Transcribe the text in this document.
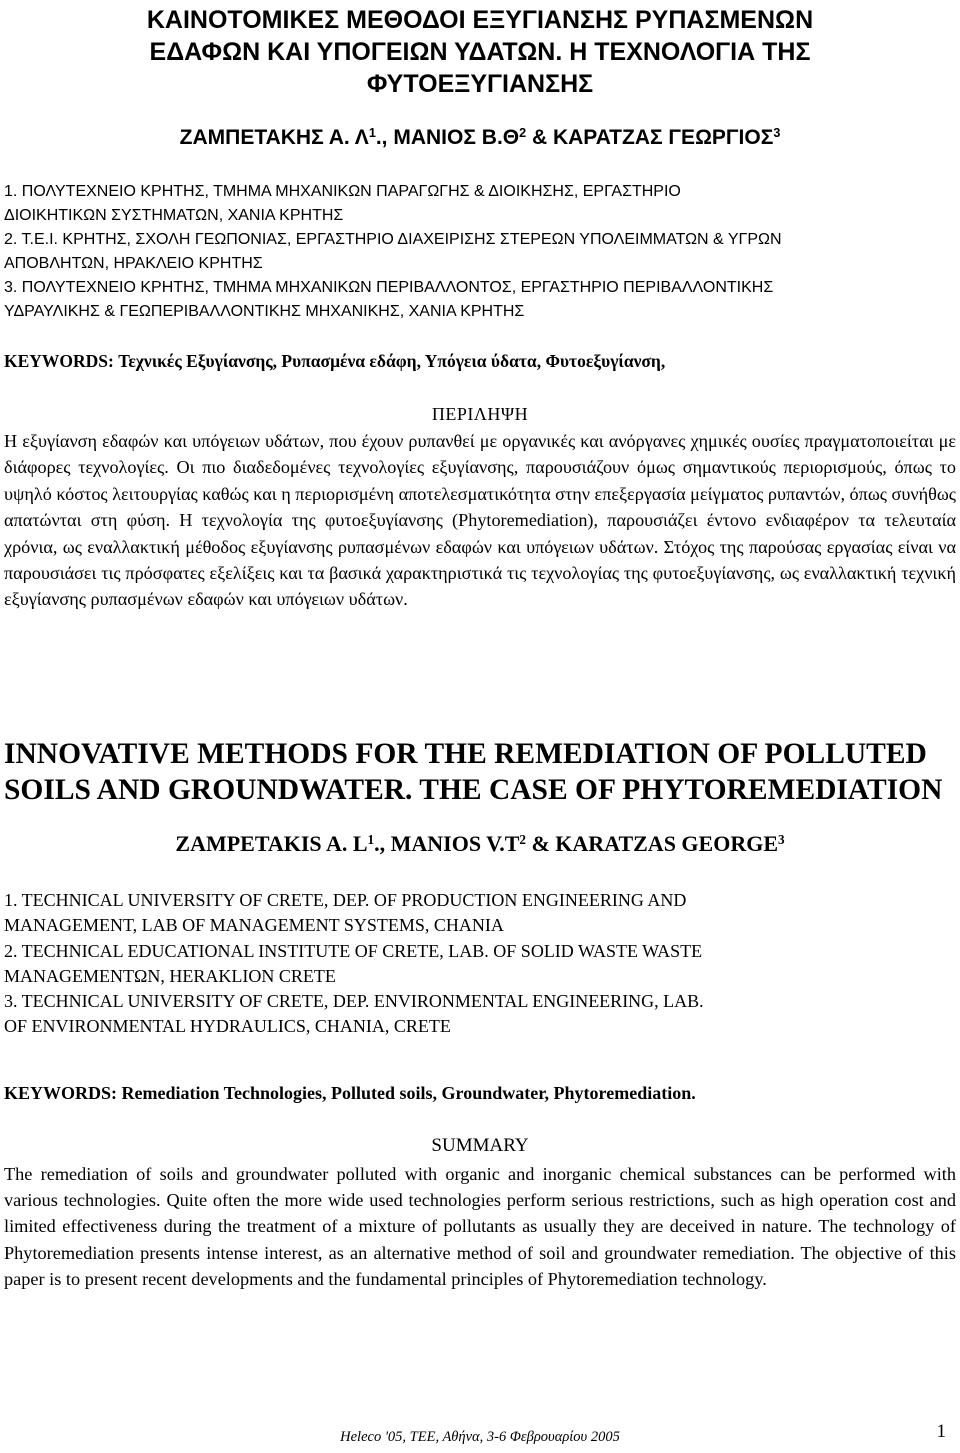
ΚΑΙΝΟΤΟΜΙΚΕΣ ΜΕΘΟΔΟΙ ΕΞΥΓΙΑΝΣΗΣ ΡΥΠΑΣΜΕΝΩΝ
ΕΔΑΦΩΝ ΚΑΙ ΥΠΟΓΕΙΩΝ ΥΔΑΤΩΝ. Η ΤΕΧΝΟΛΟΓΙΑ ΤΗΣ
ΦΥΤΟΕΞΥΓΙΑΝΣΗΣ
ΖΑΜΠΕΤΑΚΗΣ Α. $\Lambda^1$., ΜΑΝΙΟΣ $B.\Theta^2$ & ΚΑΡΑΤΖΑΣ ΓΕΩΡΓΙΟΣ$^3$
1. ΠΟΛΥΤΕΧΝΕΙΟ ΚΡΗΤΗΣ, ΤΜΗΜΑ ΜΗΧΑΝΙΚΩΝ ΠΑΡΑΓΩΓΗΣ & ΔΙΟΙΚΗΣΗΣ, ΕΡΓΑΣΤΗΡΙΟ
ΔΙΟΙΚΗΤΙΚΩΝ ΣΥΣΤΗΜΑΤΩΝ, ΧΑΝΙΑ ΚΡΗΤΗΣ
2. Τ.Ε.Ι. ΚΡΗΤΗΣ, ΣΧΟΛΗ ΓΕΩΠΟΝΙΑΣ, ΕΡΓΑΣΤΗΡΙΟ ΔΙΑΧΕΙΡΙΣΗΣ ΣΤΕΡΕΩΝ ΥΠΟΛΕΙΜΜΑΤΩΝ & ΥΓΡΩΝ
ΑΠΟΒΛΗΤΩΝ, ΗΡΑΚΛΕΙΟ ΚΡΗΤΗΣ
3. ΠΟΛΥΤΕΧΝΕΙΟ ΚΡΗΤΗΣ, ΤΜΗΜΑ ΜΗΧΑΝΙΚΩΝ ΠΕΡΙΒΑΛΛΟΝΤΟΣ, ΕΡΓΑΣΤΗΡΙΟ ΠΕΡΙΒΑΛΛΟΝΤΙΚΗΣ
ΥΔΡΑΥΛΙΚΗΣ & ΓΕΩΠΕΡΙΒΑΛΛΟΝΤΙΚΗΣ ΜΗΧΑΝΙΚΗΣ, ΧΑΝΙΑ ΚΡΗΤΗΣ
KEYWORDS: Τεχνικές Εξυγίανσης, Ρυπασμένα εδάφη, Υπόγεια ύδατα, Φυτοεξυγίανση,
ΠΕΡΙΛΗΨΗ
Η εξυγίανση εδαφών και υπόγειων υδάτων, που έχουν ρυπανθεί με οργανικές και ανόργανες χημικές ουσίες πραγματοποιείται με διάφορες τεχνολογίες. Οι πιο διαδεδομένες τεχνολογίες εξυγίανσης, παρουσιάζουν όμως σημαντικούς περιορισμούς, όπως το υψηλό κόστος λειτουργίας καθώς και η περιορισμένη αποτελεσματικότητα στην επεξεργασία μείγματος ρυπαντών, όπως συνήθως απατώνται στη φύση. Η τεχνολογία της φυτοεξυγίανσης (Phytoremediation), παρουσιάζει έντονο ενδιαφέρον τα τελευταία χρόνια, ως εναλλακτική μέθοδος εξυγίανσης ρυπασμένων εδαφών και υπόγειων υδάτων. Στόχος της παρούσας εργασίας είναι να παρουσιάσει τις πρόσφατες εξελίξεις και τα βασικά χαρακτηριστικά τις τεχνολογίας της φυτοεξυγίανσης, ως εναλλακτική τεχνική εξυγίανσης ρυπασμένων εδαφών και υπόγειων υδάτων.
INNOVATIVE METHODS FOR THE REMEDIATION OF POLLUTED
SOILS AND GROUNDWATER. THE CASE OF PHYTOREMEDIATION
ZAMPETAKIS A. $L^1$., MANIOS $V.T^2$ & KARATZAS GEORGE$^3$
1. TECHNICAL UNIVERSITY OF CRETE, DEP. OF PRODUCTION ENGINEERING AND
MANAGEMENT, LAB OF MANAGEMENT SYSTEMS, CHANIA
2. TECHNICAL EDUCATIONAL INSTITUTE OF CRETE, LAB. OF SOLID WASTE WASTE
MANAGEMENTΩΝ, HERAKLION CRETE
3. TECHNICAL UNIVERSITY OF CRETE, DEP. ENVIRONMENTAL ENGINEERING, LAB.
OF ENVIRONMENTAL HYDRAULICS, CHANIA, CRETE
KEYWORDS: Remediation Technologies, Polluted soils, Groundwater, Phytoremediation.
SUMMARY
The remediation of soils and groundwater polluted with organic and inorganic chemical substances can be performed with various technologies. Quite often the more wide used technologies perform serious restrictions, such as high operation cost and limited effectiveness during the treatment of a mixture of pollutants as usually they are deceived in nature. The technology of Phytoremediation presents intense interest, as an alternative method of soil and groundwater remediation. The objective of this paper is to present recent developments and the fundamental principles of Phytoremediation technology.
Heleco '05, ΤΕΕ, Αθήνα, 3-6 Φεβρουαρίου 2005	1
